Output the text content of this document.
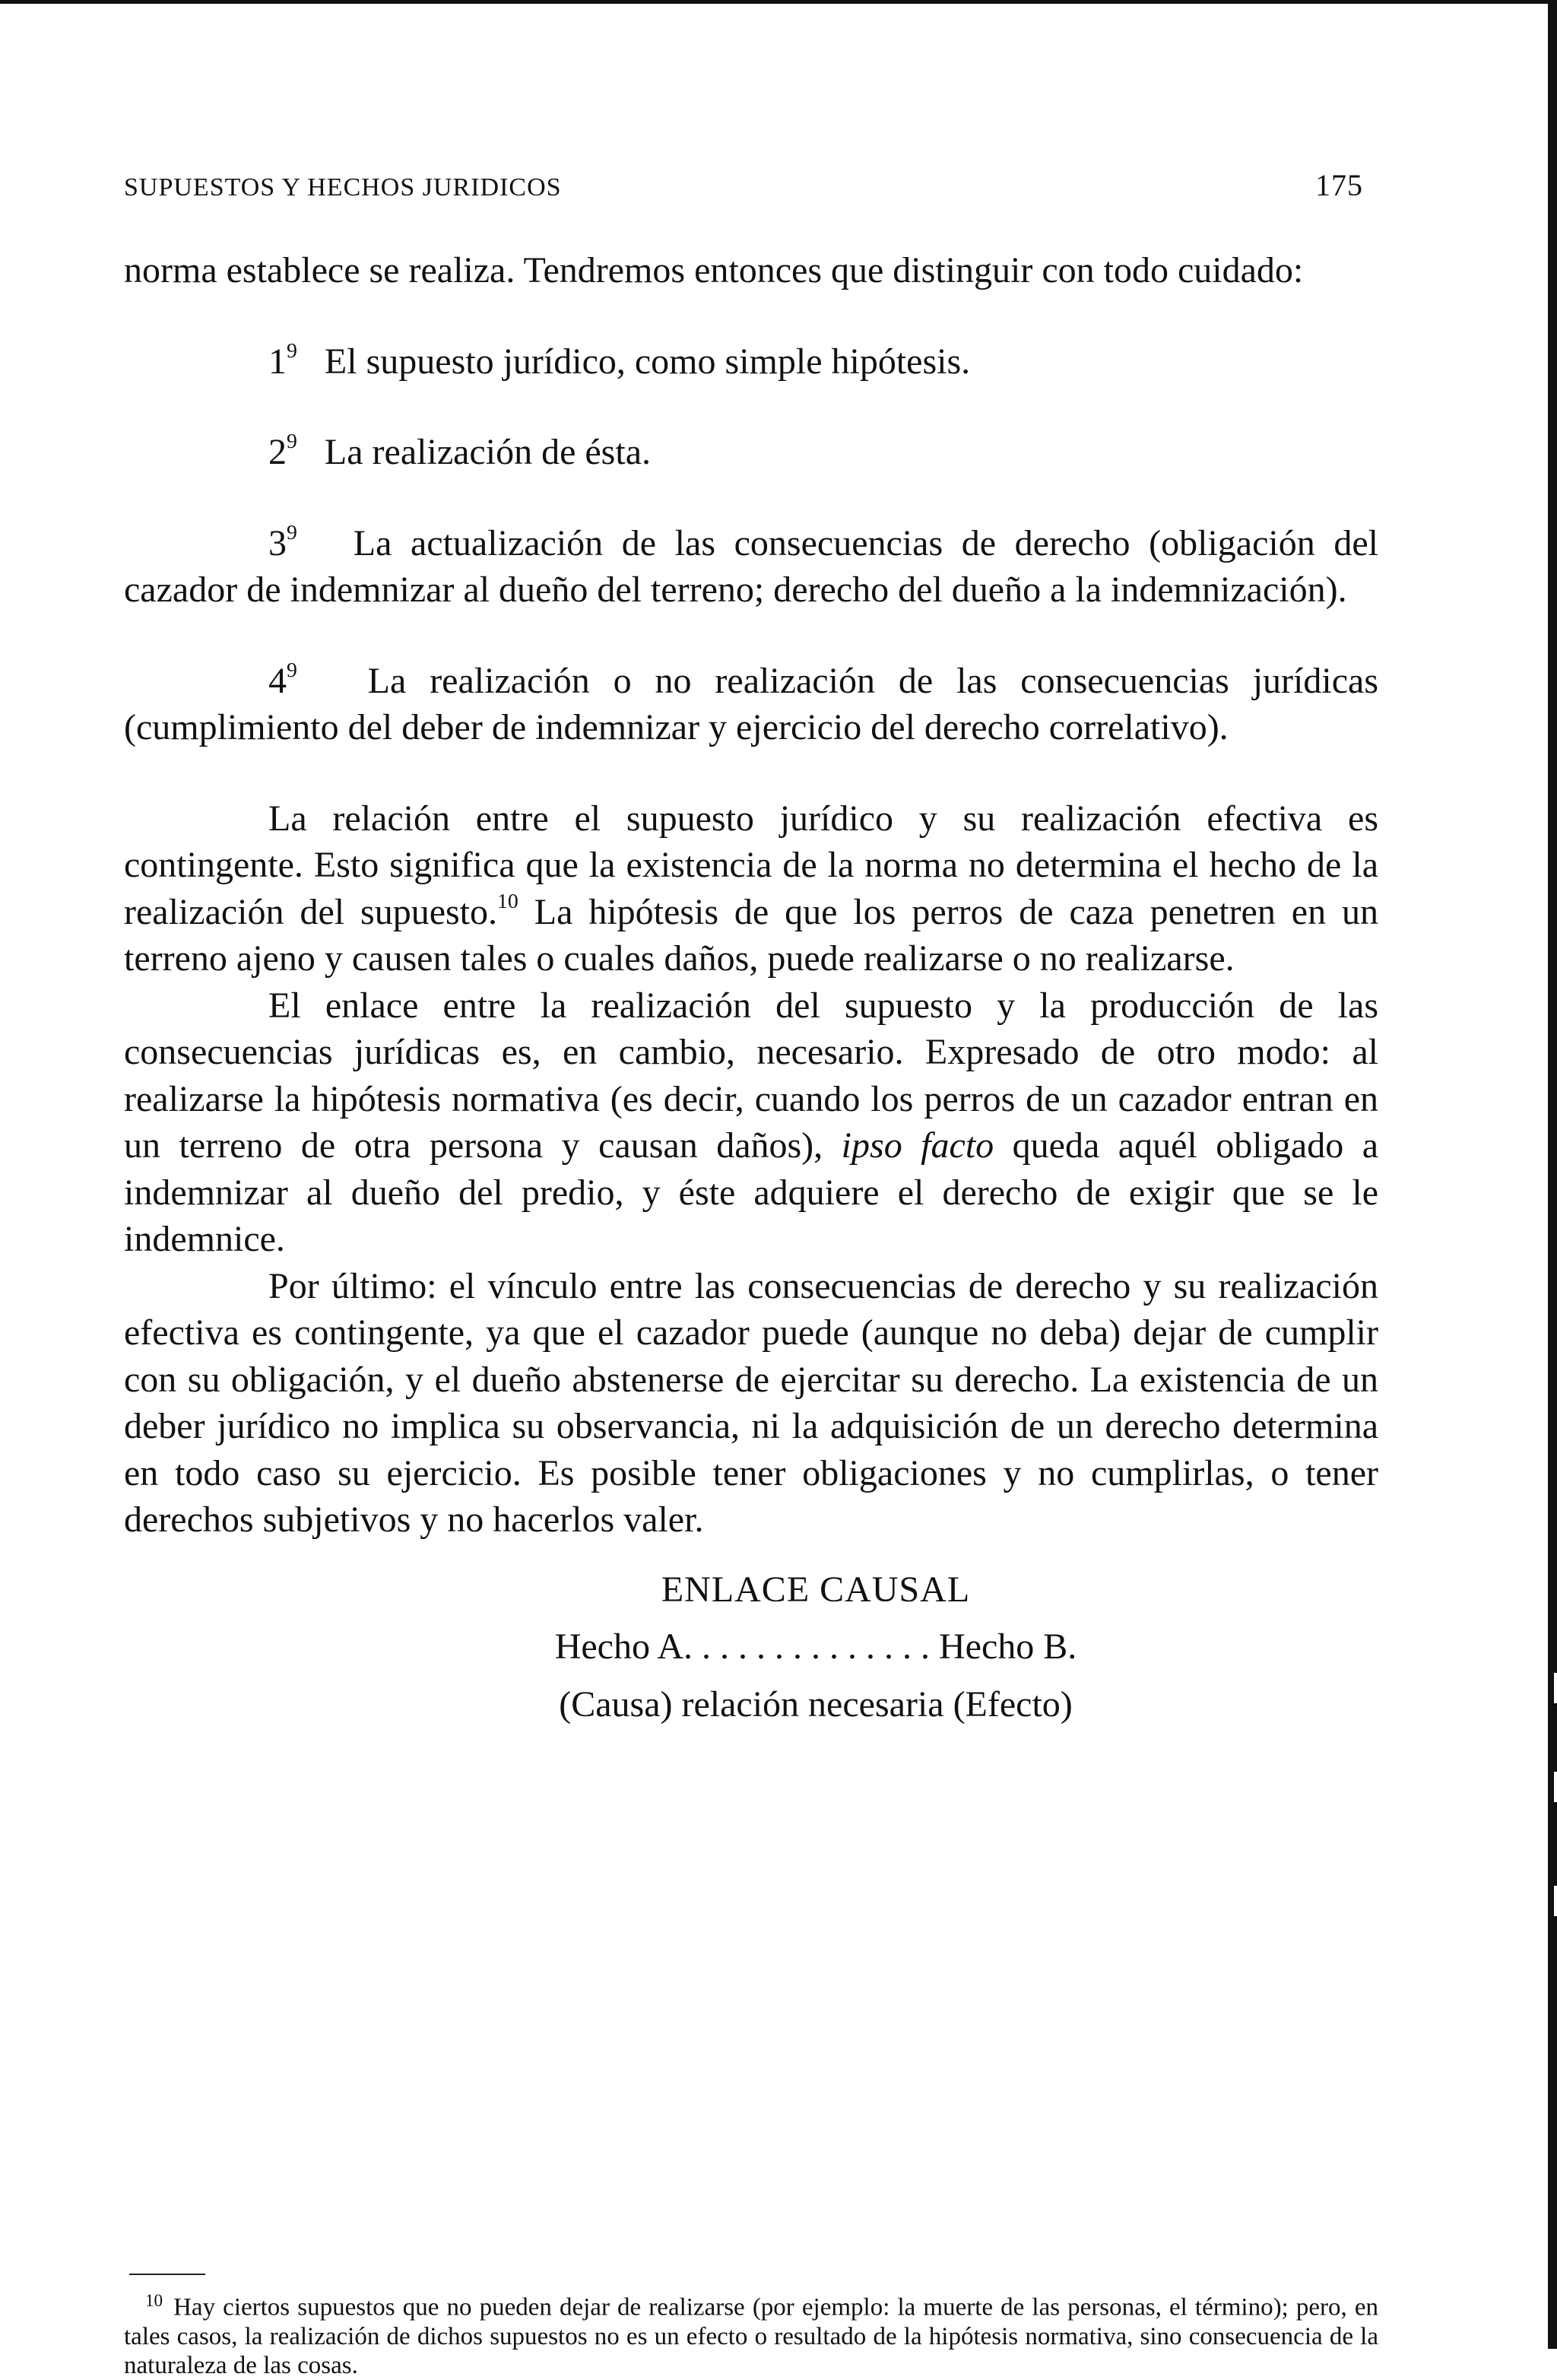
SUPUESTOS Y HECHOS JURIDICOS	175

norma establece se realiza. Tendremos entonces que distinguir con todo cuidado:

$1^9$ El supuesto jurídico, como simple hipótesis.

$2^9$ La realización de ésta.

$3^9$ La actualización de las consecuencias de derecho (obligación del cazador de indemnizar al dueño del terreno; derecho del dueño a la indemnización).

$4^9$ La realización o no realización de las consecuencias jurídicas (cumplimiento del deber de indemnizar y ejercicio del derecho correlativo).

La relación entre el supuesto jurídico y su realización efectiva es contingente. Esto significa que la existencia de la norma no determina el hecho de la realización del supuesto.$^{10}$ La hipótesis de que los perros de caza penetren en un terreno ajeno y causen tales o cuales daños, puede realizarse o no realizarse.

El enlace entre la realización del supuesto y la producción de las consecuencias jurídicas es, en cambio, necesario. Expresado de otro modo: al realizarse la hipótesis normativa (es decir, cuando los perros de un cazador entran en un terreno de otra persona y causan daños), ipso facto queda aquél obligado a indemnizar al dueño del predio, y éste adquiere el derecho de exigir que se le indemnice.

Por último: el vínculo entre las consecuencias de derecho y su realización efectiva es contingente, ya que el cazador puede (aunque no deba) dejar de cumplir con su obligación, y el dueño abstenerse de ejercitar su derecho. La existencia de un deber jurídico no implica su observancia, ni la adquisición de un derecho determina en todo caso su ejercicio. Es posible tener obligaciones y no cumplirlas, o tener derechos subjetivos y no hacerlos valer.

ENLACE CAUSAL
Hecho A. . . . . . . . . . . . . . Hecho B.
(Causa) relación necesaria (Efecto)
$^{10}$ Hay ciertos supuestos que no pueden dejar de realizarse (por ejemplo: la muerte de las personas, el término); pero, en tales casos, la realización de dichos supuestos no es un efecto o resultado de la hipótesis normativa, sino consecuencia de la naturaleza de las cosas.
